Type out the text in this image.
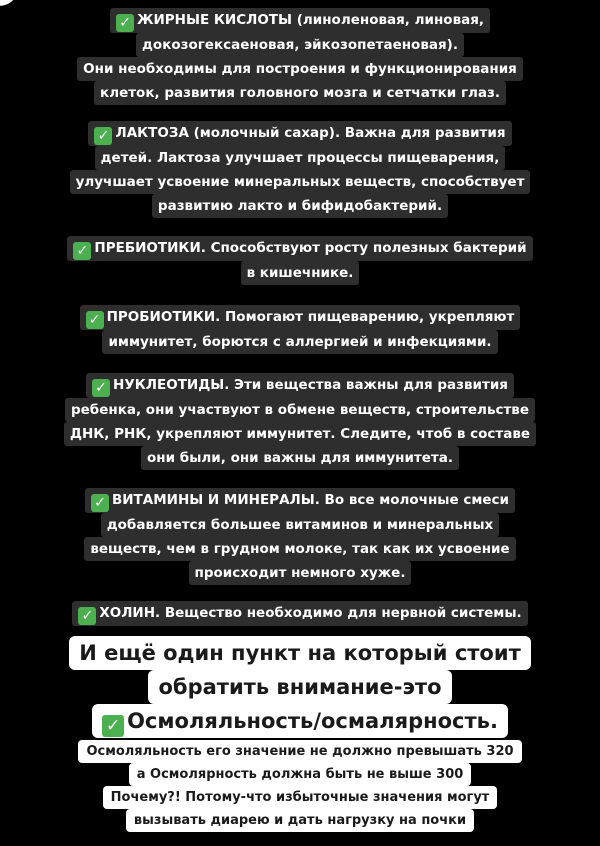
✓ ЖИРНЫЕ КИСЛОТЫ (линоленовая, линовая,
докозогексаеновая, эйкозопетаеновая).
Они необходимы для построения и функционирования
клеток, развития головного мозга и сетчатки глаз.
✓ ЛАКТОЗА (молочный сахар). Важна для развития
детей. Лактоза улучшает процессы пищеварения,
улучшает усвоение минеральных веществ, способствует
развитию лакто и бифидобактерий.
✓ ПРЕБИОТИКИ. Способствуют росту полезных бактерий
в кишечнике.
✓ ПРОБИОТИКИ. Помогают пищеварению, укрепляют
иммунитет, борются с аллергией и инфекциями.
✓ НУКЛЕОТИДЫ. Эти вещества важны для развития
ребенка, они участвуют в обмене веществ, строительстве
ДНК, РНК, укрепляют иммунитет. Следите, чтоб в составе
они были, они важны для иммунитета.
✓ ВИТАМИНЫ И МИНЕРАЛЫ. Во все молочные смеси
добавляется большее витаминов и минеральных
веществ, чем в грудном молоке, так как их усвоение
происходит немного хуже.
✓ ХОЛИН. Вещество необходимо для нервной системы.
И ещё один пункт на который стоит
обратить внимание-это
✓ Осмоляльность/осмалярность.
Осмоляльность его значение не должно превышать 320
а Осмолярность должна быть не выше 300
Почему?! Потому-что избыточные значения могут
вызывать диарею и дать нагрузку на почки
